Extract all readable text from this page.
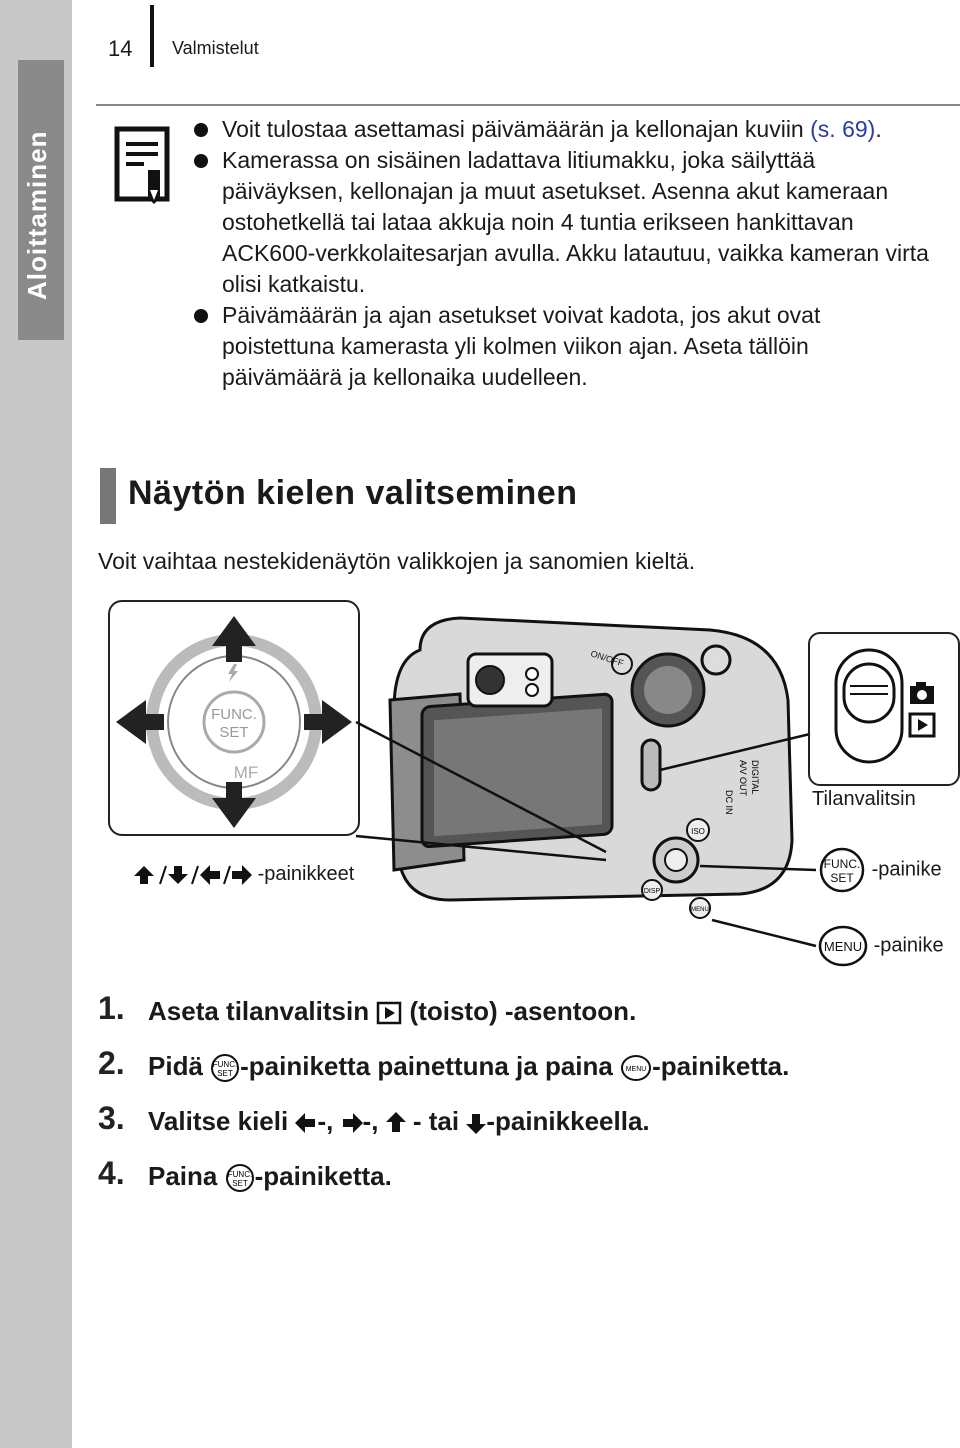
Aloittaminen
14 Valmistelut
Voit tulostaa asettamasi päivämäärän ja kellonajan kuviin (s. 69).
Kamerassa on sisäinen ladattava litiumakku, joka säilyttää päiväyksen, kellonajan ja muut asetukset. Asenna akut kameraan ostohetkellä tai lataa akkuja noin 4 tuntia erikseen hankittavan ACK600-verkkolaitesarjan avulla. Akku latautuu, vaikka kameran virta olisi katkaistu.
Päivämäärän ja ajan asetukset voivat kadota, jos akut ovat poistettuna kamerasta yli kolmen viikon ajan. Aseta tällöin päivämäärä ja kellonaika uudelleen.
Näytön kielen valitseminen
Voit vaihtaa nestekidenäytön valikkojen ja sanomien kieltä.
FUNC.
SET
MF
ON/OFF
ISO
DISP
MENU
DIGITAL
A/V OUT
DC IN	Tilanvalitsin
-painikkeet	FUNC.
SET -painike
MENU -painike
1. Aseta tilanvalitsin  (toisto) -asentoon.
2. Pidä FUNC.
SET -painiketta painettuna ja paina MENU -painiketta.
3. Valitse kieli -, -,  - tai -painikkeella.
4. Paina FUNC.
SET -painiketta.
